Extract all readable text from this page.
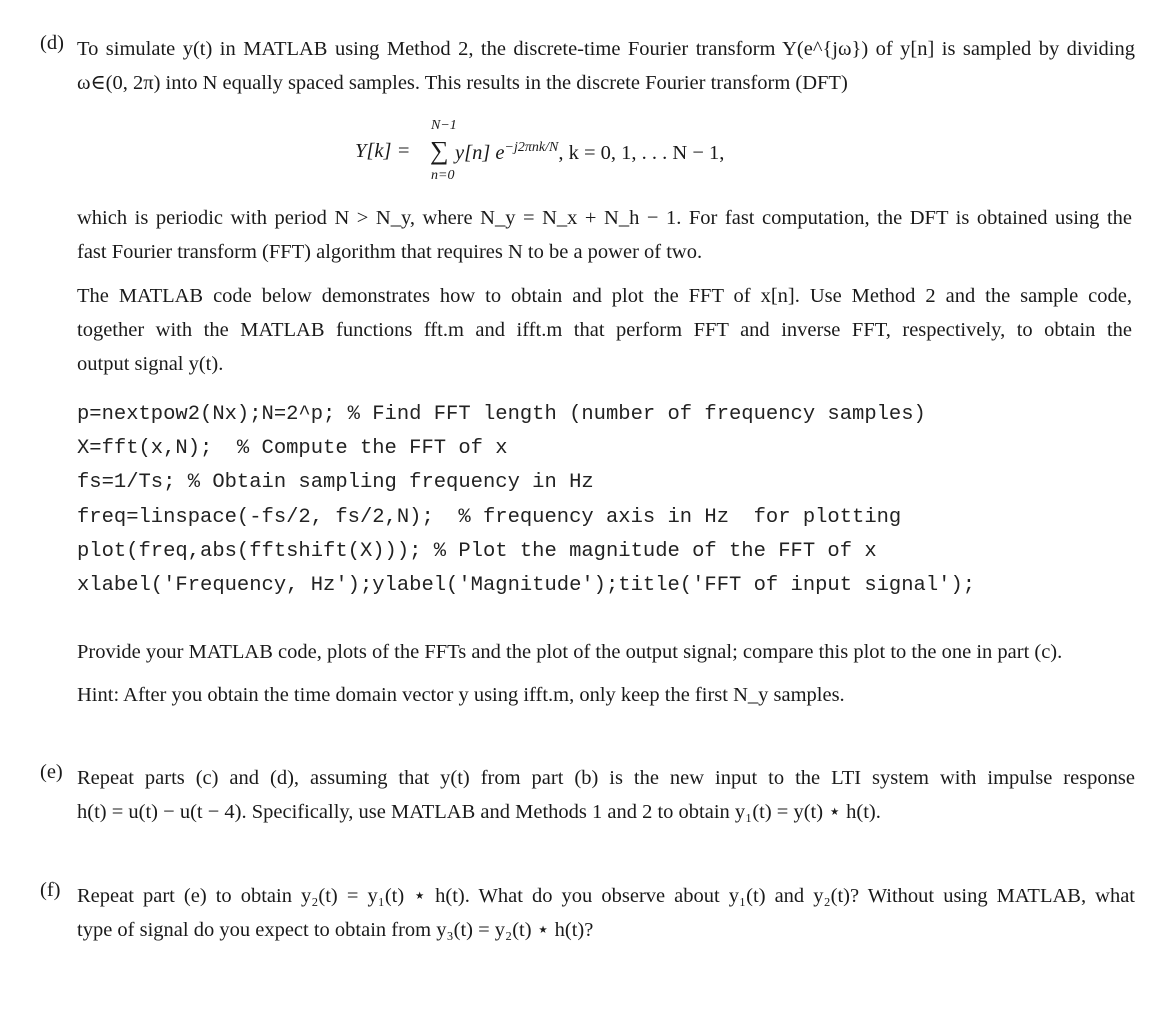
(d) To simulate y(t) in MATLAB using Method 2, the discrete-time Fourier transform Y(e^{jω}) of y[n] is sampled by dividing
ω∈(0, 2π) into N equally spaced samples. This results in the discrete Fourier transform (DFT)
Y[k] =
N−1
∑
n=0
y[n] $e^{-j2\pi nk/N}$, k = 0, 1, . . . N − 1,
which is periodic with period N > N_y, where N_y = N_x + N_h − 1. For fast computation, the DFT is obtained using the
fast Fourier transform (FFT) algorithm that requires N to be a power of two.
The MATLAB code below demonstrates how to obtain and plot the FFT of x[n]. Use Method 2 and the sample code,
together with the MATLAB functions fft.m and ifft.m that perform FFT and inverse FFT, respectively, to obtain the
output signal y(t).
p=nextpow2(Nx);N=2^p; % Find FFT length (number of frequency samples)
X=fft(x,N);  % Compute the FFT of x
fs=1/Ts; % Obtain sampling frequency in Hz
freq=linspace(-fs/2, fs/2,N);  % frequency axis in Hz  for plotting
plot(freq,abs(fftshift(X))); % Plot the magnitude of the FFT of x
xlabel('Frequency, Hz');ylabel('Magnitude');title('FFT of input signal');
Provide your MATLAB code, plots of the FFTs and the plot of the output signal; compare this plot to the one in part (c).
Hint: After you obtain the time domain vector y using ifft.m, only keep the first N_y samples.
(e) Repeat parts (c) and (d), assuming that y(t) from part (b) is the new input to the LTI system with impulse response
h(t) = u(t) − u(t − 4). Specifically, use MATLAB and Methods 1 and 2 to obtain y₁(t) = y(t) ⋆ h(t).
(f) Repeat part (e) to obtain y₂(t) = y₁(t) ⋆ h(t). What do you observe about y₁(t) and y₂(t)? Without using MATLAB, what
type of signal do you expect to obtain from y₃(t) = y₂(t) ⋆ h(t)?
